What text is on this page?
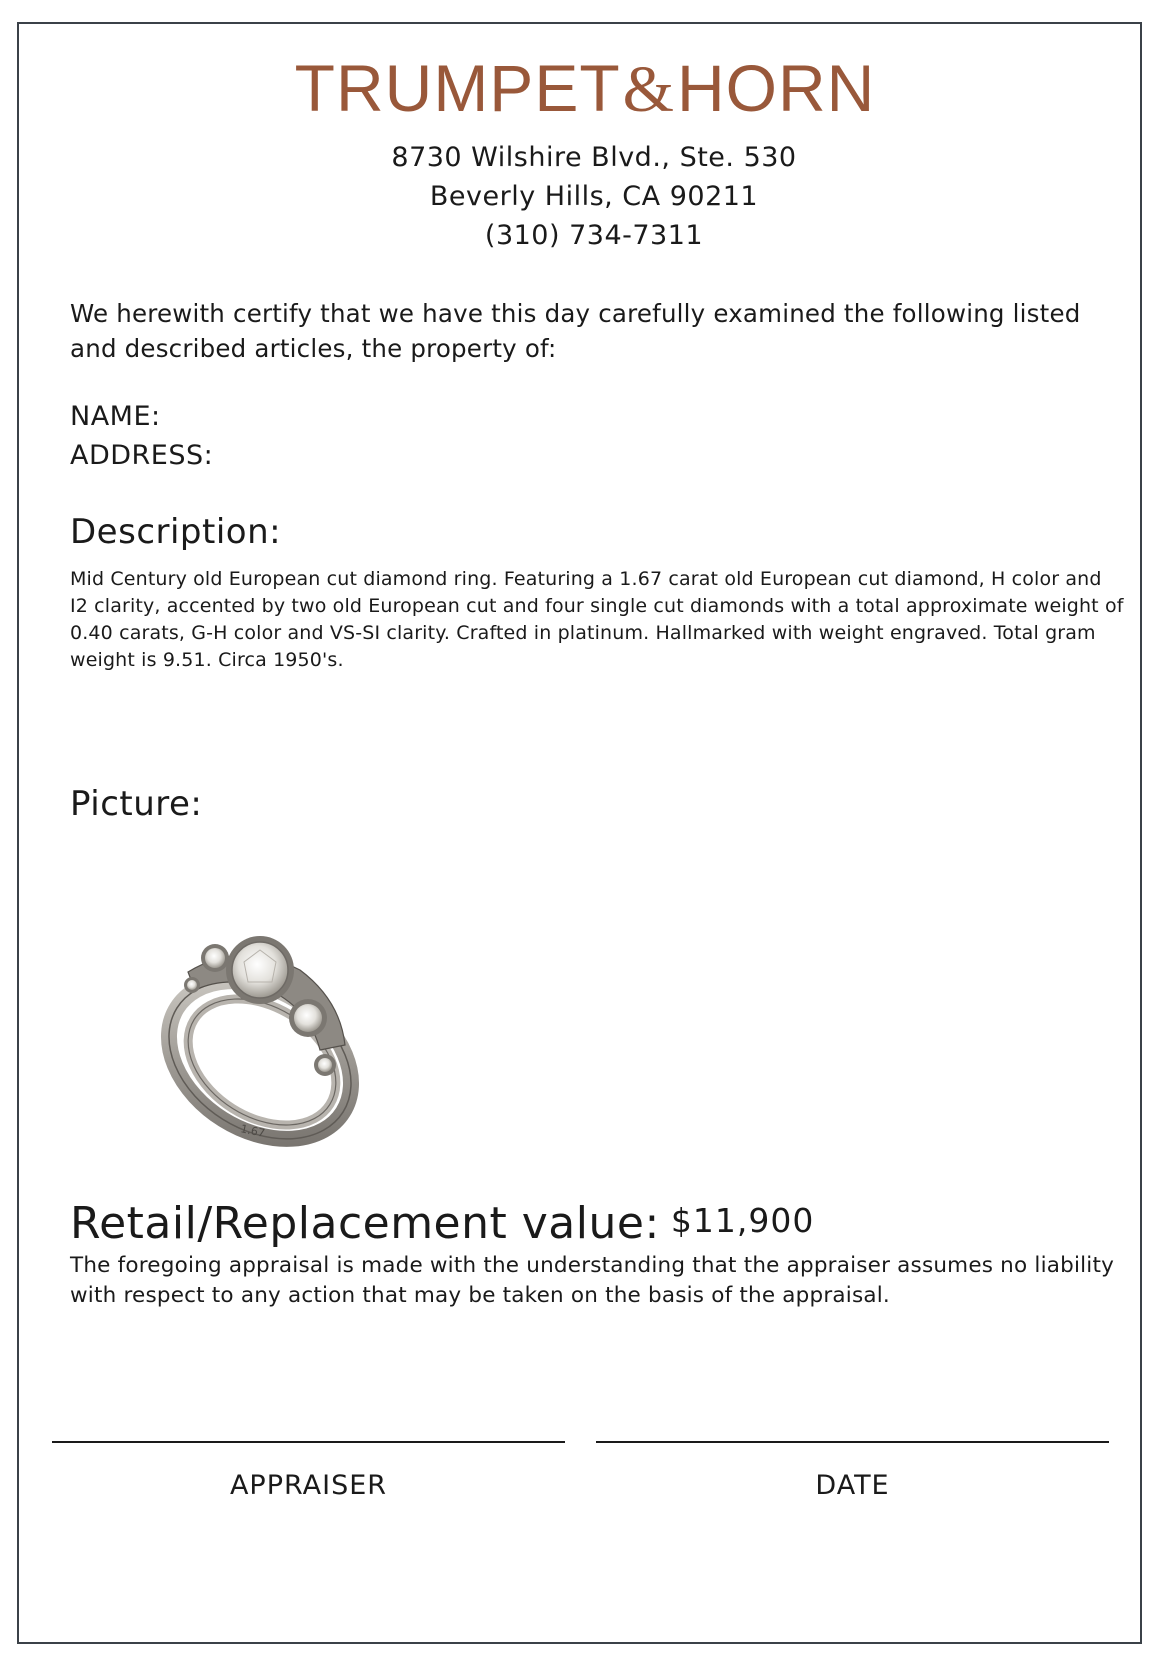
TRUMPET&HORN
8730 Wilshire Blvd., Ste. 530
Beverly Hills, CA 90211
(310) 734-7311
We herewith certify that we have this day carefully examined the following listed and described articles, the property of:
NAME:
ADDRESS:
Description:
Mid Century old European cut diamond ring. Featuring a 1.67 carat old European cut diamond, H color and I2 clarity, accented by two old European cut and four single cut diamonds with a total approximate weight of 0.40 carats, G-H color and VS-SI clarity. Crafted in platinum. Hallmarked with weight engraved. Total gram weight is 9.51. Circa 1950's.
Picture:
1.67
Retail/Replacement value: $11,900
The foregoing appraisal is made with the understanding that the appraiser assumes no liability with respect to any action that may be taken on the basis of the appraisal.
APPRAISER	DATE
